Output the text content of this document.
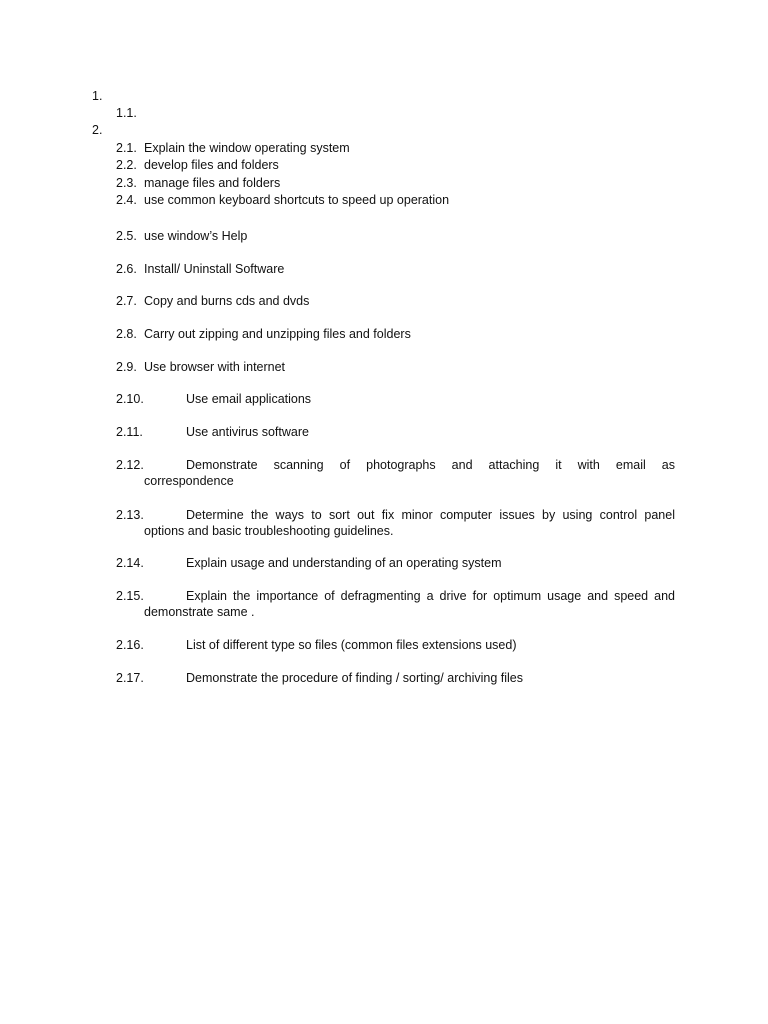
1.
1.1.
2.
2.1. Explain the window operating system
2.2. develop files and folders
2.3. manage files and folders
2.4. use common keyboard shortcuts to speed up operation
2.5. use window’s Help
2.6. Install/ Uninstall Software
2.7. Copy and burns cds and dvds
2.8. Carry out zipping and unzipping files and folders
2.9. Use browser with internet
2.10.	Use email applications
2.11.	Use antivirus software
2.12.	Demonstrate scanning of photographs and attaching it with email as
correspondence
2.13.	Determine the ways to sort out fix minor computer issues by using control panel
options and basic troubleshooting guidelines.
2.14.	Explain usage and understanding of an operating system
2.15.	Explain the importance of defragmenting a drive for optimum usage and speed and
demonstrate same .
2.16.	List of different type so files (common files extensions used)
2.17.	Demonstrate the procedure of finding / sorting/ archiving files
